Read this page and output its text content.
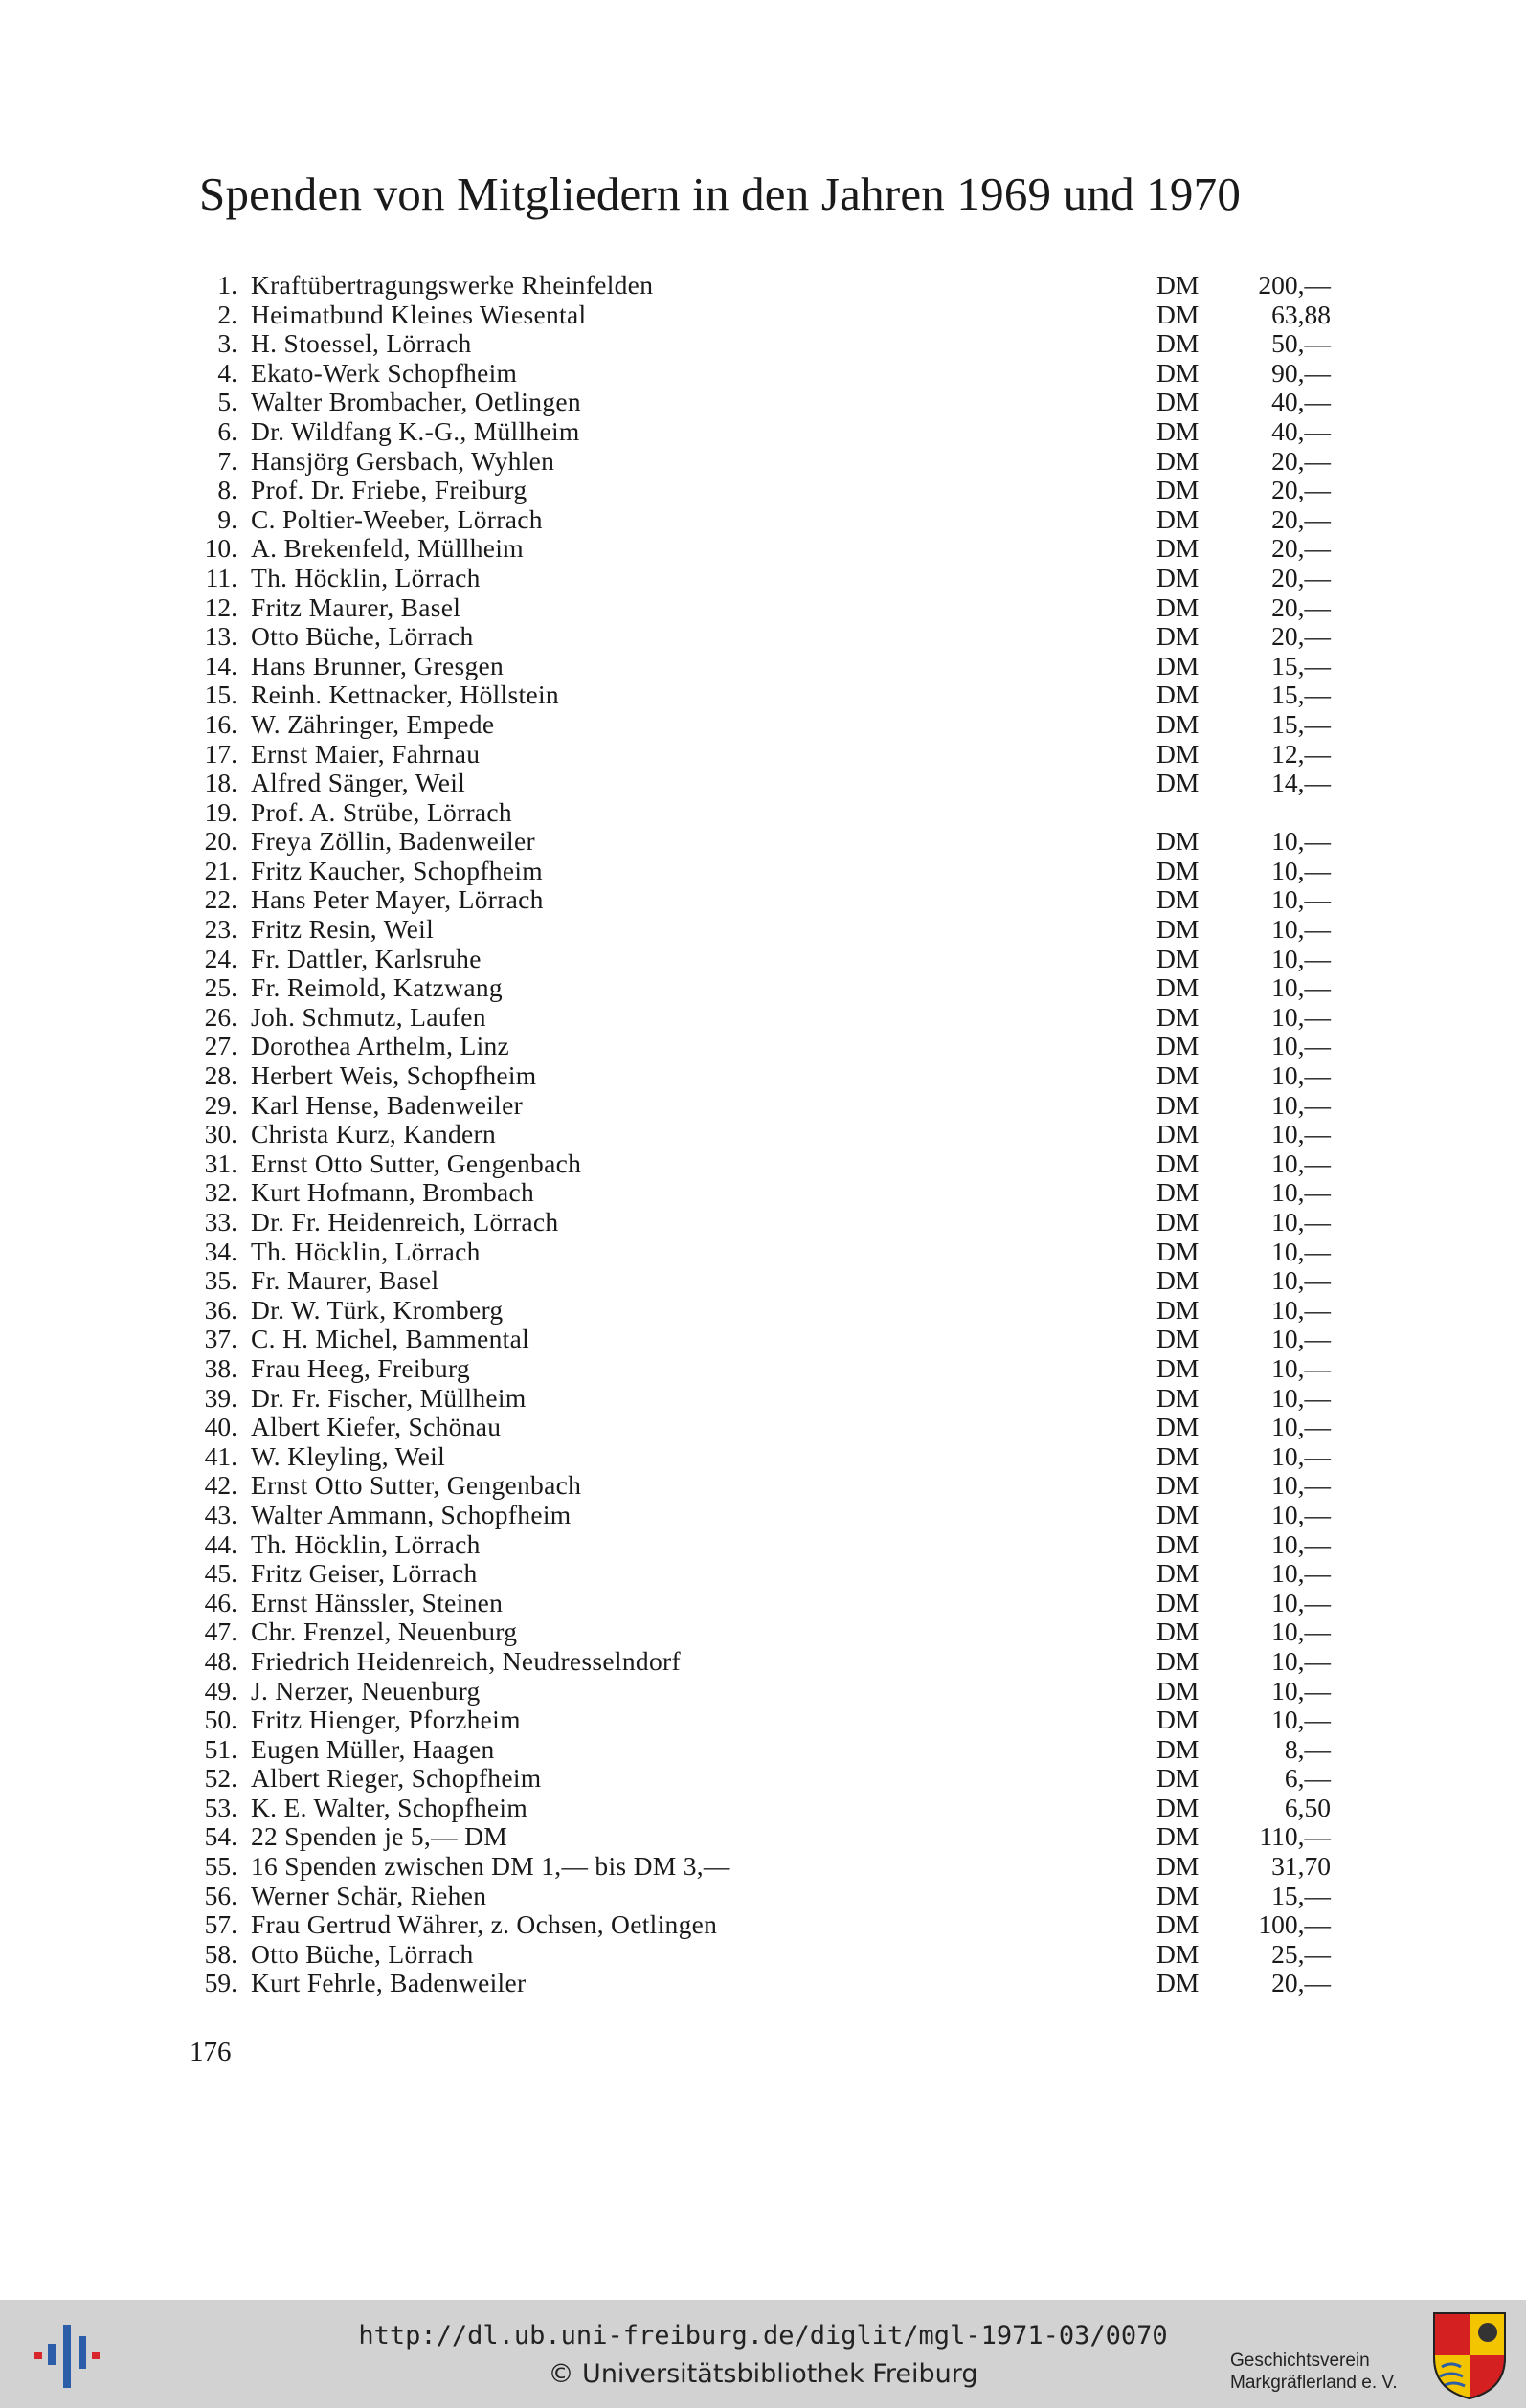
Spenden von Mitgliedern in den Jahren 1969 und 1970
1. Kraftübertragungswerke Rheinfelden	DM	200,—
2. Heimatbund Kleines Wiesental	DM	63,88
3. H. Stoessel, Lörrach	DM	50,—
4. Ekato-Werk Schopfheim	DM	90,—
5. Walter Brombacher, Oetlingen	DM	40,—
6. Dr. Wildfang K.-G., Müllheim	DM	40,—
7. Hansjörg Gersbach, Wyhlen	DM	20,—
8. Prof. Dr. Friebe, Freiburg	DM	20,—
9. C. Poltier-Weeber, Lörrach	DM	20,—
10. A. Brekenfeld, Müllheim	DM	20,—
11. Th. Höcklin, Lörrach	DM	20,—
12. Fritz Maurer, Basel	DM	20,—
13. Otto Büche, Lörrach	DM	20,—
14. Hans Brunner, Gresgen	DM	15,—
15. Reinh. Kettnacker, Höllstein	DM	15,—
16. W. Zähringer, Empede	DM	15,—
17. Ernst Maier, Fahrnau	DM	12,—
18. Alfred Sänger, Weil	DM	14,—
19. Prof. A. Strübe, Lörrach
20. Freya Zöllin, Badenweiler	DM	10,—
21. Fritz Kaucher, Schopfheim	DM	10,—
22. Hans Peter Mayer, Lörrach	DM	10,—
23. Fritz Resin, Weil	DM	10,—
24. Fr. Dattler, Karlsruhe	DM	10,—
25. Fr. Reimold, Katzwang	DM	10,—
26. Joh. Schmutz, Laufen	DM	10,—
27. Dorothea Arthelm, Linz	DM	10,—
28. Herbert Weis, Schopfheim	DM	10,—
29. Karl Hense, Badenweiler	DM	10,—
30. Christa Kurz, Kandern	DM	10,—
31. Ernst Otto Sutter, Gengenbach	DM	10,—
32. Kurt Hofmann, Brombach	DM	10,—
33. Dr. Fr. Heidenreich, Lörrach	DM	10,—
34. Th. Höcklin, Lörrach	DM	10,—
35. Fr. Maurer, Basel	DM	10,—
36. Dr. W. Türk, Kromberg	DM	10,—
37. C. H. Michel, Bammental	DM	10,—
38. Frau Heeg, Freiburg	DM	10,—
39. Dr. Fr. Fischer, Müllheim	DM	10,—
40. Albert Kiefer, Schönau	DM	10,—
41. W. Kleyling, Weil	DM	10,—
42. Ernst Otto Sutter, Gengenbach	DM	10,—
43. Walter Ammann, Schopfheim	DM	10,—
44. Th. Höcklin, Lörrach	DM	10,—
45. Fritz Geiser, Lörrach	DM	10,—
46. Ernst Hänssler, Steinen	DM	10,—
47. Chr. Frenzel, Neuenburg	DM	10,—
48. Friedrich Heidenreich, Neudresselndorf	DM	10,—
49. J. Nerzer, Neuenburg	DM	10,—
50. Fritz Hienger, Pforzheim	DM	10,—
51. Eugen Müller, Haagen	DM	8,—
52. Albert Rieger, Schopfheim	DM	6,—
53. K. E. Walter, Schopfheim	DM	6,50
54. 22 Spenden je 5,— DM	DM	110,—
55. 16 Spenden zwischen DM 1,— bis DM 3,—	DM	31,70
56. Werner Schär, Riehen	DM	15,—
57. Frau Gertrud Währer, z. Ochsen, Oetlingen	DM	100,—
58. Otto Büche, Lörrach	DM	25,—
59. Kurt Fehrle, Badenweiler	DM	20,—
176
http://dl.ub.uni-freiburg.de/diglit/mgl-1971-03/0070
© Universitätsbibliothek Freiburg	Geschichtsverein
Markgräflerland e. V.
